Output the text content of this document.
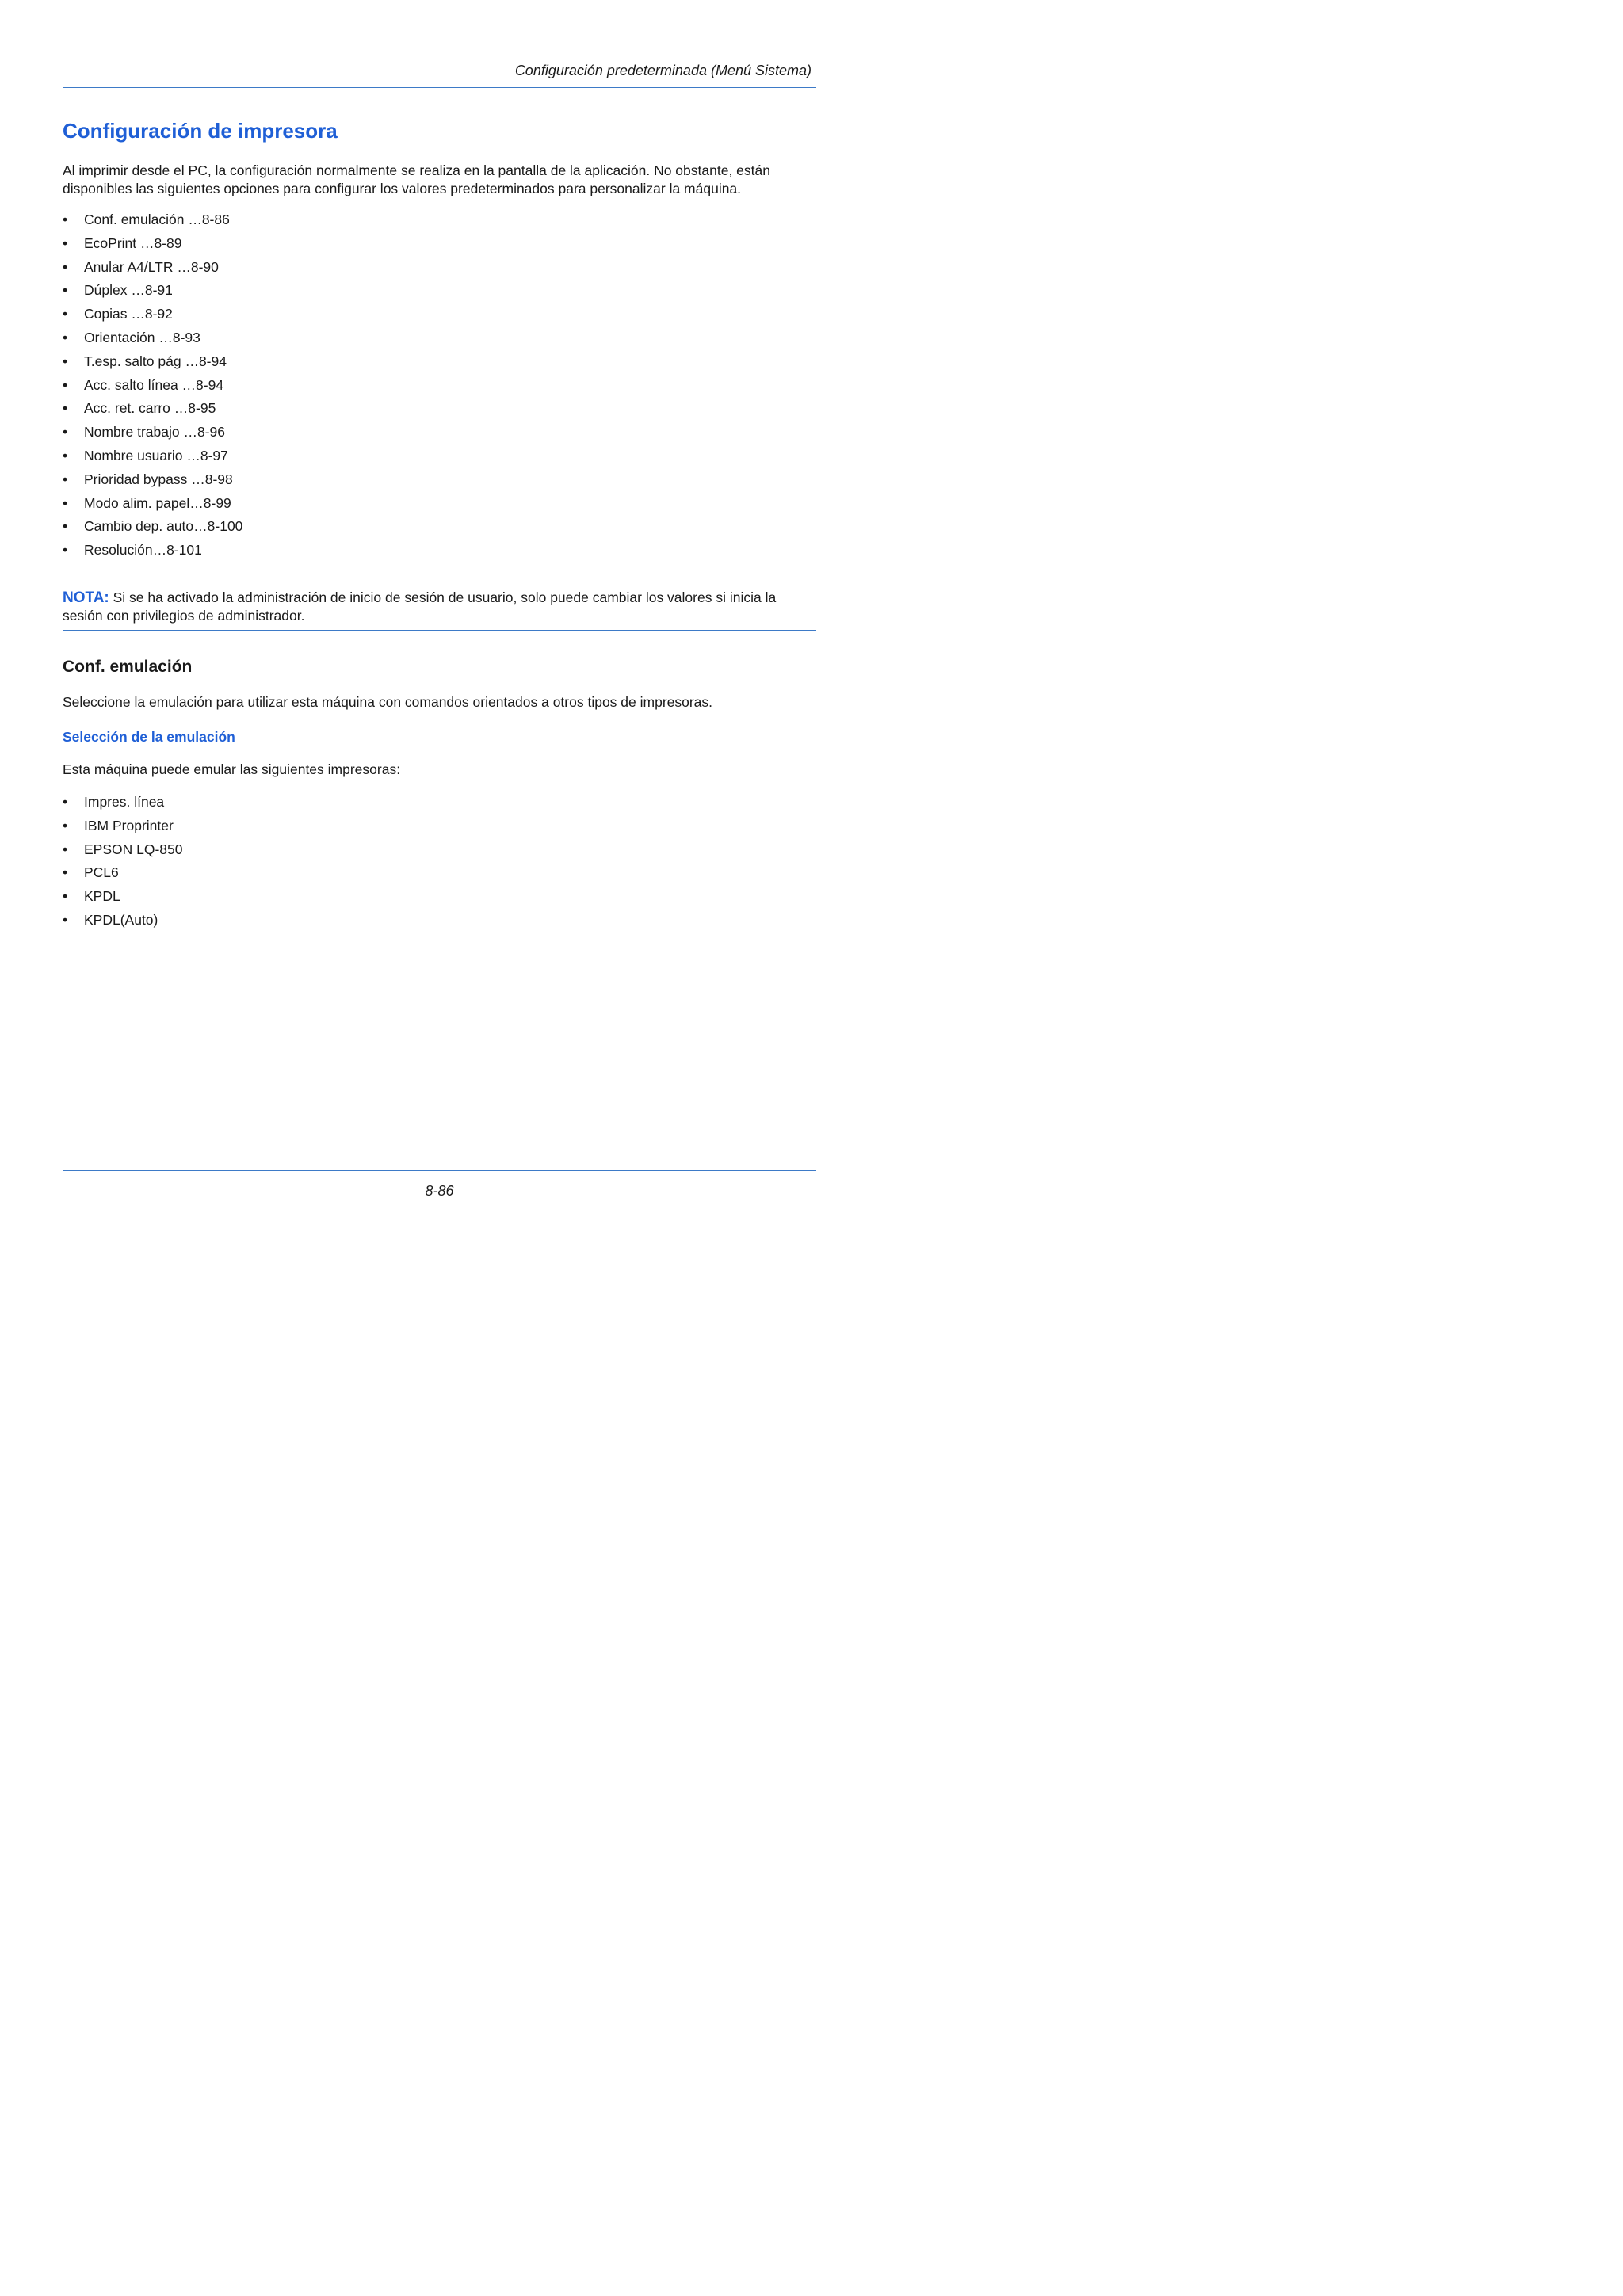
Configuración predeterminada (Menú Sistema)
Configuración de impresora
Al imprimir desde el PC, la configuración normalmente se realiza en la pantalla de la aplicación. No obstante, están disponibles las siguientes opciones para configurar los valores predeterminados para personalizar la máquina.
•	Conf. emulación …8-86
•	EcoPrint …8-89
•	Anular A4/LTR …8-90
•	Dúplex …8-91
•	Copias …8-92
•	Orientación …8-93
•	T.esp. salto pág …8-94
•	Acc. salto línea …8-94
•	Acc. ret. carro …8-95
•	Nombre trabajo …8-96
•	Nombre usuario …8-97
•	Prioridad bypass …8-98
•	Modo alim. papel…8-99
•	Cambio dep. auto…8-100
•	Resolución…8-101
NOTA: Si se ha activado la administración de inicio de sesión de usuario, solo puede cambiar los valores si inicia la sesión con privilegios de administrador.
Conf. emulación
Seleccione la emulación para utilizar esta máquina con comandos orientados a otros tipos de impresoras.
Selección de la emulación
Esta máquina puede emular las siguientes impresoras:
•	Impres. línea
•	IBM Proprinter
•	EPSON LQ-850
•	PCL6
•	KPDL
•	KPDL(Auto)
8-86
